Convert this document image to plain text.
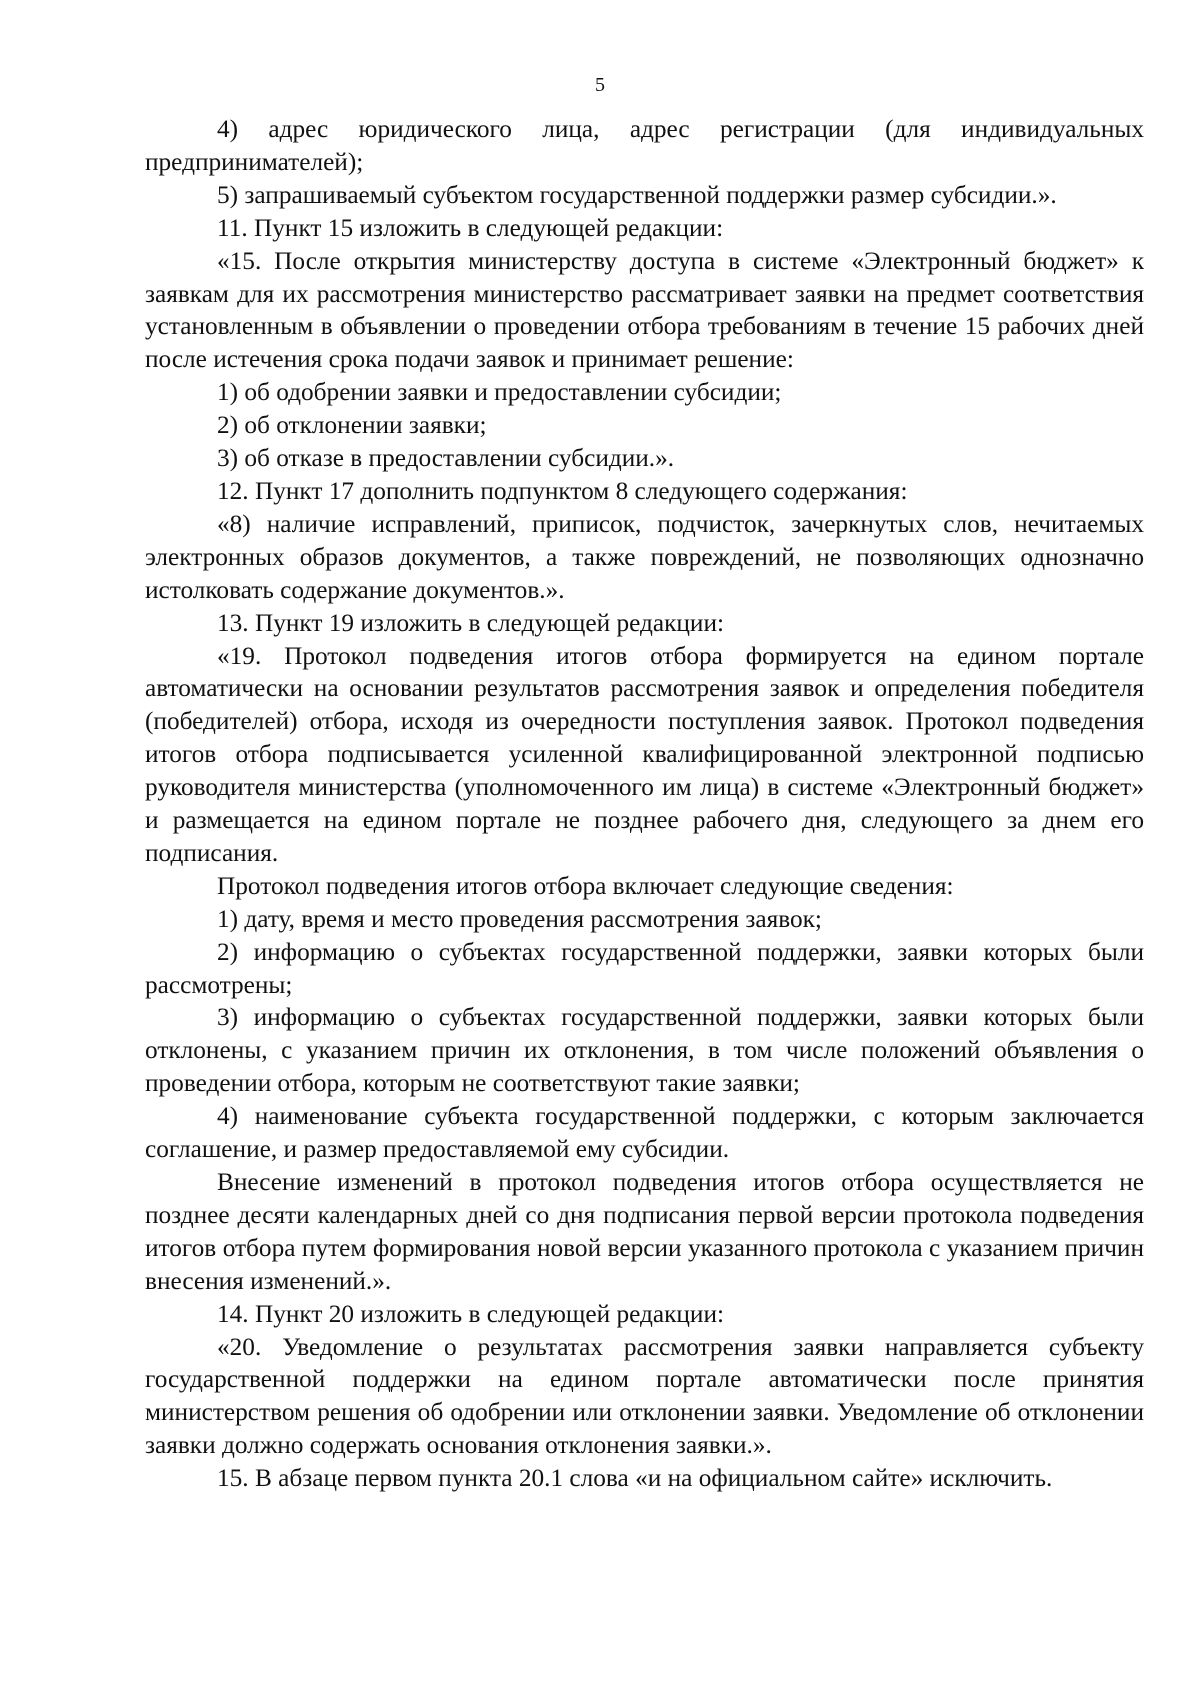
5

4) адрес юридического лица, адрес регистрации (для индивидуальных предпринимателей);

5) запрашиваемый субъектом государственной поддержки размер субсидии.».

11. Пункт 15 изложить в следующей редакции:

«15. После открытия министерству доступа в системе «Электронный бюджет» к заявкам для их рассмотрения министерство рассматривает заявки на предмет соответствия установленным в объявлении о проведении отбора требованиям в течение 15 рабочих дней после истечения срока подачи заявок и принимает решение:

1) об одобрении заявки и предоставлении субсидии;

2) об отклонении заявки;

3) об отказе в предоставлении субсидии.».

12. Пункт 17 дополнить подпунктом 8 следующего содержания:

«8) наличие исправлений, приписок, подчисток, зачеркнутых слов, нечитаемых электронных образов документов, а также повреждений, не позволяющих однозначно истолковать содержание документов.».

13. Пункт 19 изложить в следующей редакции:

«19. Протокол подведения итогов отбора формируется на едином портале автоматически на основании результатов рассмотрения заявок и определения победителя (победителей) отбора, исходя из очередности поступления заявок. Протокол подведения итогов отбора подписывается усиленной квалифицированной электронной подписью руководителя министерства (уполномоченного им лица) в системе «Электронный бюджет» и размещается на едином портале не позднее рабочего дня, следующего за днем его подписания.

Протокол подведения итогов отбора включает следующие сведения:

1) дату, время и место проведения рассмотрения заявок;

2) информацию о субъектах государственной поддержки, заявки которых были рассмотрены;

3) информацию о субъектах государственной поддержки, заявки которых были отклонены, с указанием причин их отклонения, в том числе положений объявления о проведении отбора, которым не соответствуют такие заявки;

4) наименование субъекта государственной поддержки, с которым заключается соглашение, и размер предоставляемой ему субсидии.

Внесение изменений в протокол подведения итогов отбора осуществляется не позднее десяти календарных дней со дня подписания первой версии протокола подведения итогов отбора путем формирования новой версии указанного протокола с указанием причин внесения изменений.».

14. Пункт 20 изложить в следующей редакции:

«20. Уведомление о результатах рассмотрения заявки направляется субъекту государственной поддержки на едином портале автоматически после принятия министерством решения об одобрении или отклонении заявки. Уведомление об отклонении заявки должно содержать основания отклонения заявки.».

15. В абзаце первом пункта 20.1 слова «и на официальном сайте» исключить.
